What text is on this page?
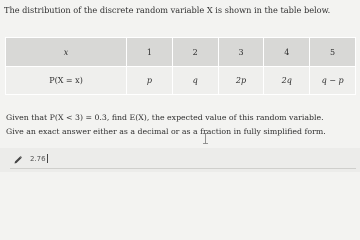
The distribution of the discrete random variable X is shown in the table below.
x	1	2	3	4	5
P(X = x)	p	q	2p	2q	q − p
Given that P(X < 3) = 0.3, find E(X), the expected value of this random variable.
Give an exact answer either as a decimal or as a fraction in fully simplified form.
2.76
